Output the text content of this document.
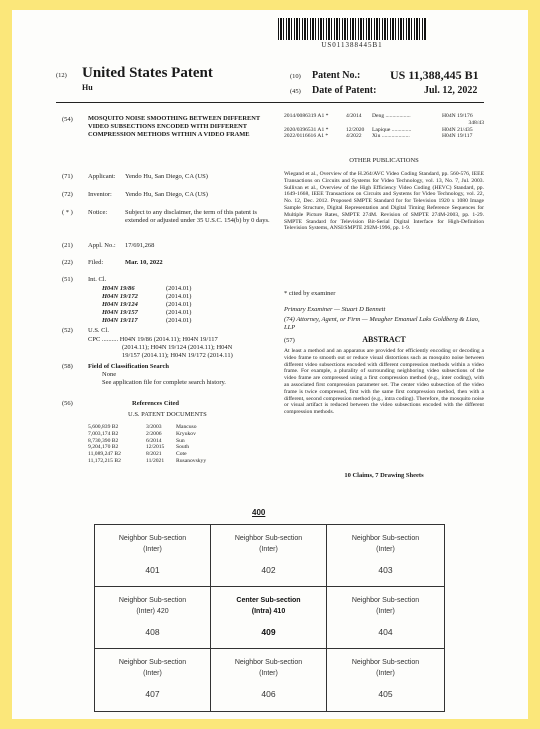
US011388445B1
(12) United States Patent
Hu
(10) Patent No.: US 11,388,445 B1
(45) Date of Patent:	Jul. 12, 2022
(54) MOSQUITO NOISE SMOOTHING BETWEEN DIFFERENT VIDEO SUBSECTIONS ENCODED WITH DIFFERENT COMPRESSION METHODS WITHIN A VIDEO FRAME
(71) Applicant: Yendo Hu, San Diego, CA (US)
(72) Inventor: Yendo Hu, San Diego, CA (US)
( * ) Notice:	Subject to any disclaimer, the term of this patent is extended or adjusted under 35 U.S.C. 154(b) by 0 days.
(21) Appl. No.: 17/691,268
(22) Filed:	Mar. 10, 2022
(51) Int. Cl.
H04N 19/86	(2014.01)
H04N 19/172	(2014.01)
H04N 19/124	(2014.01)
H04N 19/157	(2014.01)
H04N 19/117	(2014.01)
(52) U.S. Cl.
CPC .......... H04N 19/86 (2014.11); H04N 19/117
(2014.11); H04N 19/124 (2014.11); H04N
19/157 (2014.11); H04N 19/172 (2014.11)
(58) Field of Classification Search
None
See application file for complete search history.
(56)	References Cited
U.S. PATENT DOCUMENTS
5,600,839 B2	3/2003	Mancuso
7,003,174 B2	2/2006	Kryukov
8,730,390 B2	6/2014	Sun
9,204,170 B2	12/2015 South
11,089,247 B2	8/2021	Cote
11,172,215 B2	11/2021 Rusanovskyy
2014/0086319 A1 *	4/2014 Deng ..................	H04N 19/176
348/43
2020/0396531 A1 *	12/2020 Lapique ..............	H04N 21/435
2022/0116616 A1 *	4/2022 Xiu ....................	H04N 19/117
OTHER PUBLICATIONS
Wiegand et al., Overview of the H.264/AVC Video Coding Standard, pp. 560-576, IEEE Transactions on Circuits and Systems for Video Technology, vol. 13, No. 7, Jul. 2003. Sullivan et al., Overview of the High Efficiency Video Coding (HEVC) Standard, pp. 1649-1668, IEEE Transactions on Circuits and Systems for Video Technology, vol. 22, No. 12, Dec. 2012. Proposed SMPTE Standard for for Television 1920 x 1080 Image Sample Structure, Digital Representation and Digital Timing Reference Sequences for Multiple Picture Rates, SMPTE 274M. Revision of SMPTE 274M-2003, pp. 1-29. SMPTE Standard for Television Bit-Serial Digital Interface for High-Definition Television Systems, ANSI/SMPTE 292M-1996, pp. 1-9.
* cited by examiner
Primary Examiner — Stuart D Bennett
(74) Attorney, Agent, or Firm — Meagher Emanuel Laks Goldberg & Liao, LLP
(57)	ABSTRACT
At least a method and an apparatus are provided for efficiently encoding or decoding a video frame to smooth out or reduce visual distortions such as mosquito noise between different video subsections encoded with different compression methods within a video frame. For example, a plurality of surrounding neighboring video subsections of the video frame are compressed using a first compression method (e.g., inter coding), with an associated first compression parameter set. The center video subsection of the video frame is twice compressed, first with the same first compression method, then with a different, second compression method (e.g., intra coding). Therefore, the mosquito noise or visual artifact is reduced between the video subsections encoded with the different compression methods.
10 Claims, 7 Drawing Sheets
400
Neighbor Sub-section
(Inter)
401
Neighbor Sub-section
(Inter)
402
Neighbor Sub-section
(Inter)
403
Neighbor Sub-section
(Inter) 420
408
Center Sub-section
(Intra) 410
409
Neighbor Sub-section
(Inter)
404
Neighbor Sub-section
(Inter)
407
Neighbor Sub-section
(Inter)
406
Neighbor Sub-section
(Inter)
405
